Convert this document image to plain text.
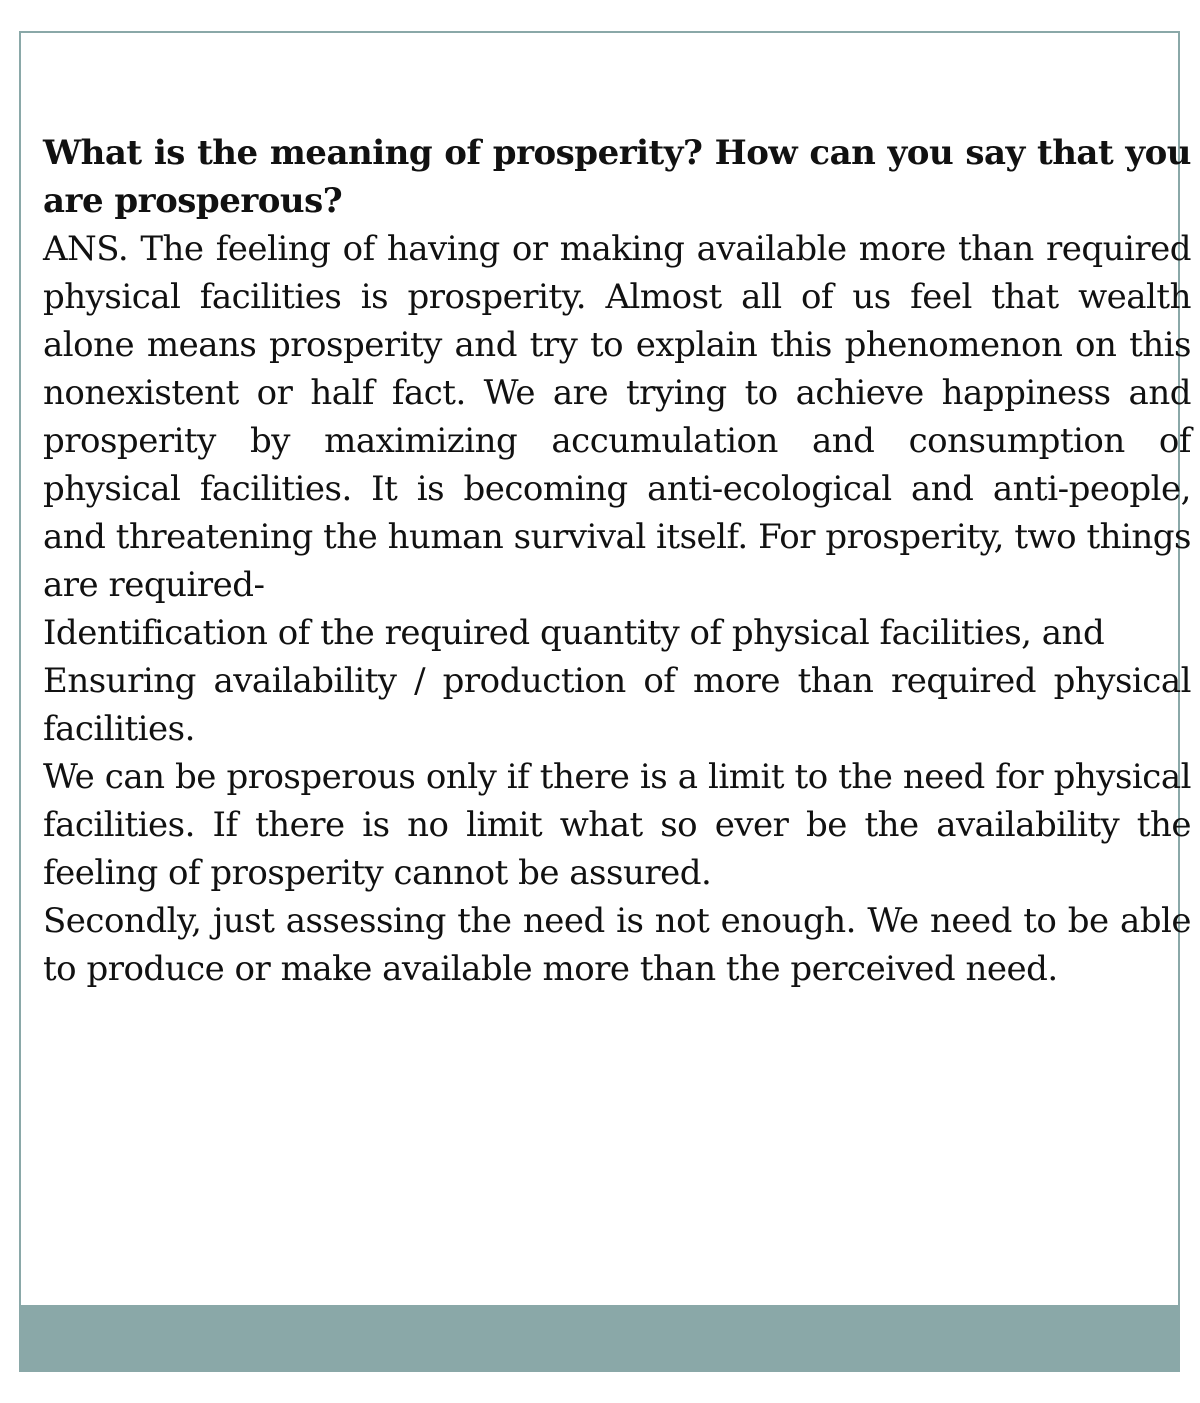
What is the meaning of prosperity? How can you say that you are prosperous?

ANS. The feeling of having or making available more than required physical facilities is prosperity. Almost all of us feel that wealth alone means prosperity and try to explain this phenomenon on this nonexistent or half fact. We are trying to achieve happiness and prosperity by maximizing accumulation and consumption of physical facilities. It is becoming anti-ecological and anti-people, and threatening the human survival itself. For prosperity, two things are required-

Identification of the required quantity of physical facilities, and

Ensuring availability / production of more than required physical facilities.

We can be prosperous only if there is a limit to the need for physical facilities. If there is no limit what so ever be the availability the feeling of prosperity cannot be assured.

Secondly, just assessing the need is not enough. We need to be able to produce or make available more than the perceived need.
